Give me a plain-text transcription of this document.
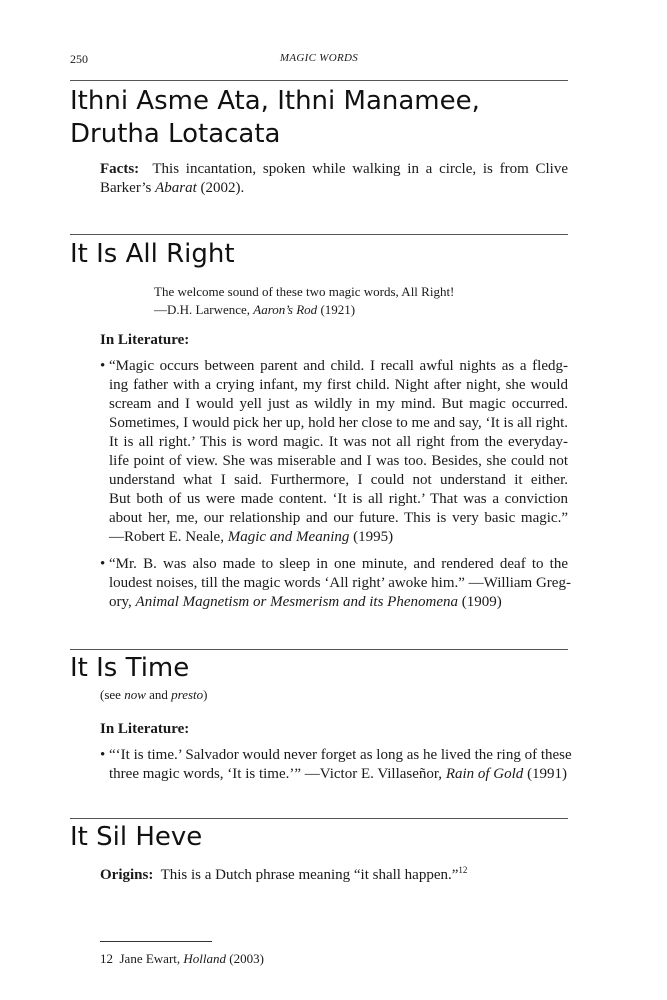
250	MAGIC WORDS
Ithni Asme Ata, Ithni Manamee,
Drutha Lotacata
Facts: This incantation, spoken while walking in a circle, is from Clive
Barker’s Abarat (2002).
It Is All Right
The welcome sound of these two magic words, All Right!
—D.H. Larwence, Aaron’s Rod (1921)
In Literature:
• “Magic occurs between parent and child. I recall awful nights as a fledg-
ing father with a crying infant, my first child. Night after night, she would
scream and I would yell just as wildly in my mind. But magic occurred.
Sometimes, I would pick her up, hold her close to me and say, ‘It is all right.
It is all right.’ This is word magic. It was not all right from the everyday-
life point of view. She was miserable and I was too. Besides, she could not
understand what I said. Furthermore, I could not understand it either.
But both of us were made content. ‘It is all right.’ That was a conviction
about her, me, our relationship and our future. This is very basic magic.”
—Robert E. Neale, Magic and Meaning (1995)
• “Mr. B. was also made to sleep in one minute, and rendered deaf to the
loudest noises, till the magic words ‘All right’ awoke him.” —William Greg-
ory, Animal Magnetism or Mesmerism and its Phenomena (1909)
It Is Time
(see now and presto)
In Literature:
• “‘It is time.’ Salvador would never forget as long as he lived the ring of these
three magic words, ‘It is time.’” —Victor E. Villaseñor, Rain of Gold (1991)
It Sil Heve
Origins: This is a Dutch phrase meaning “it shall happen.”$^{12}$
12 Jane Ewart, Holland (2003)
